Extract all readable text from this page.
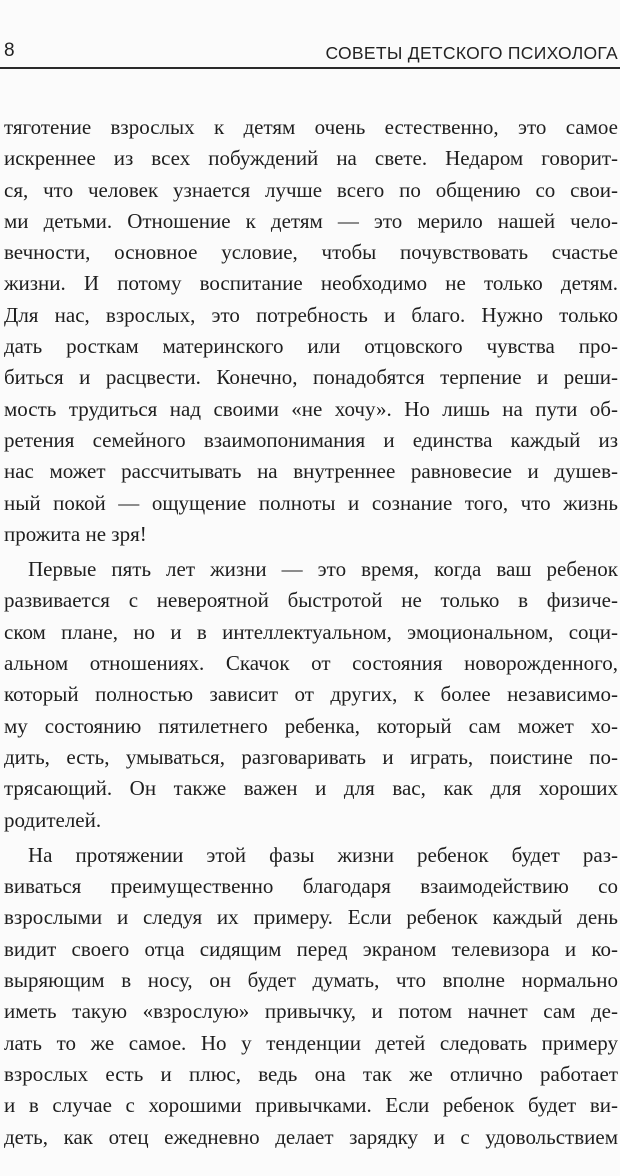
8	СОВЕТЫ ДЕТСКОГО ПСИХОЛОГА
тяготение взрослых к детям очень естественно, это самое
искреннее из всех побуждений на свете. Недаром говорит-
ся, что человек узнается лучше всего по общению со свои-
ми детьми. Отношение к детям — это мерило нашей чело-
вечности, основное условие, чтобы почувствовать счастье
жизни. И потому воспитание необходимо не только детям.
Для нас, взрослых, это потребность и благо. Нужно только
дать росткам материнского или отцовского чувства про-
биться и расцвести. Конечно, понадобятся терпение и реши-
мость трудиться над своими «не хочу». Но лишь на пути об-
ретения семейного взаимопонимания и единства каждый из
нас может рассчитывать на внутреннее равновесие и душев-
ный покой — ощущение полноты и сознание того, что жизнь
прожита не зря!
Первые пять лет жизни — это время, когда ваш ребенок
развивается с невероятной быстротой не только в физиче-
ском плане, но и в интеллектуальном, эмоциональном, соци-
альном отношениях. Скачок от состояния новорожденного,
который полностью зависит от других, к более независимо-
му состоянию пятилетнего ребенка, который сам может хо-
дить, есть, умываться, разговаривать и играть, поистине по-
трясающий. Он также важен и для вас, как для хороших
родителей.
На протяжении этой фазы жизни ребенок будет раз-
виваться преимущественно благодаря взаимодействию со
взрослыми и следуя их примеру. Если ребенок каждый день
видит своего отца сидящим перед экраном телевизора и ко-
выряющим в носу, он будет думать, что вполне нормально
иметь такую «взрослую» привычку, и потом начнет сам де-
лать то же самое. Но у тенденции детей следовать примеру
взрослых есть и плюс, ведь она так же отлично работает
и в случае с хорошими привычками. Если ребенок будет ви-
деть, как отец ежедневно делает зарядку и с удовольствием
